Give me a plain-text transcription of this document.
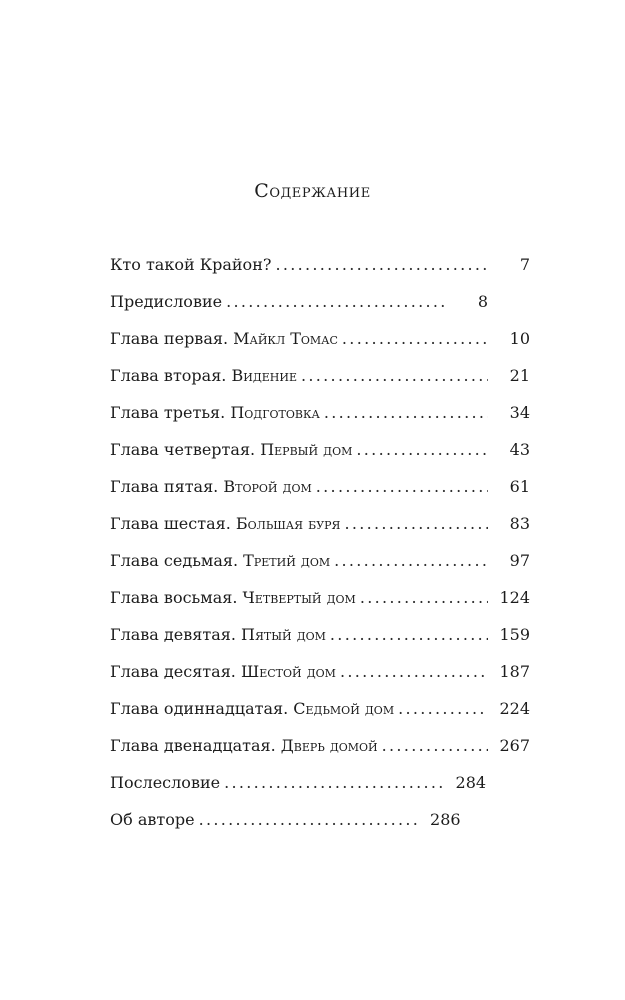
Содержание
Кто такой Крайон? .....	7
Предисловие .....	8
Глава первая. Майкл Томас .....	10
Глава вторая. Видение .....	21
Глава третья. Подготовка .....	34
Глава четвертая. Первый дом .....	43
Глава пятая. Второй дом .....	61
Глава шестая. Большая буря .....	83
Глава седьмая. Третий дом .....	97
Глава восьмая. Четвертый дом .....	124
Глава девятая. Пятый дом .....	159
Глава десятая. Шестой дом .....	187
Глава одиннадцатая. Седьмой дом .....	224
Глава двенадцатая. Дверь домой .....	267
Послесловие .....	284
Об авторе .....	286
